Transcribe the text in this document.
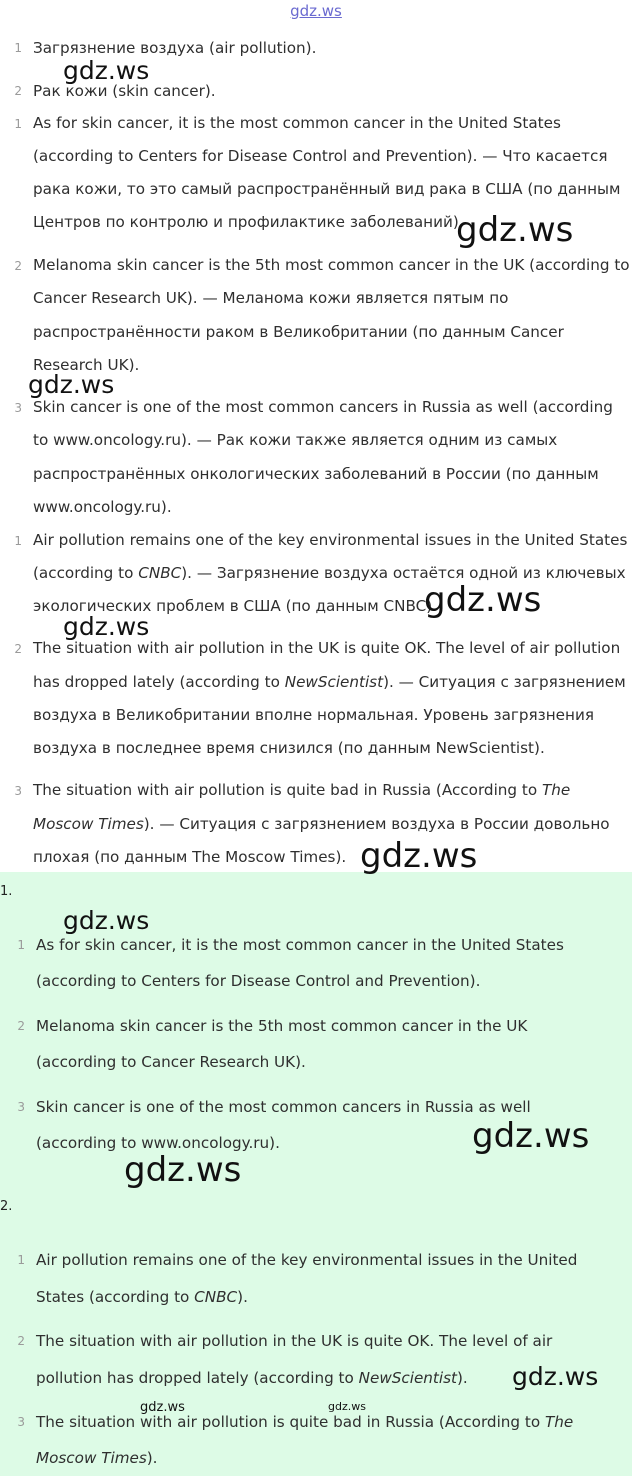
gdz.ws
1 Загрязнение воздуха (air pollution).
2 Рак кожи (skin cancer).
1 As for skin cancer, it is the most common cancer in the United States
(according to Centers for Disease Control and Prevention). — Что касается
рака кожи, то это самый распространённый вид рака в США (по данным
Центров по контролю и профилактике заболеваний).
2 Melanoma skin cancer is the 5th most common cancer in the UK (according to
Cancer Research UK). — Меланома кожи является пятым по
распространённости раком в Великобритании (по данным Cancer
Research UK).
3 Skin cancer is one of the most common cancers in Russia as well (according
to www.oncology.ru). — Рак кожи также является одним из самых
распространённых онкологических заболеваний в России (по данным
www.oncology.ru).
1 Air pollution remains one of the key environmental issues in the United States
(according to CNBC). — Загрязнение воздуха остаётся одной из ключевых
экологических проблем в США (по данным CNBC).
2 The situation with air pollution in the UK is quite OK. The level of air pollution
has dropped lately (according to NewScientist). — Ситуация с загрязнением
воздуха в Великобритании вполне нормальная. Уровень загрязнения
воздуха в последнее время снизился (по данным NewScientist).
3 The situation with air pollution is quite bad in Russia (According to The
Moscow Times). — Ситуация с загрязнением воздуха в России довольно
плохая (по данным The Moscow Times).
1.
1 As for skin cancer, it is the most common cancer in the United States
(according to Centers for Disease Control and Prevention).
2 Melanoma skin cancer is the 5th most common cancer in the UK
(according to Cancer Research UK).
3 Skin cancer is one of the most common cancers in Russia as well
(according to www.oncology.ru).
2.
1 Air pollution remains one of the key environmental issues in the United
States (according to CNBC).
2 The situation with air pollution in the UK is quite OK. The level of air
pollution has dropped lately (according to NewScientist).
3 The situation with air pollution is quite bad in Russia (According to The
Moscow Times).
gdz.ws
gdz.ws
gdz.ws
gdz.ws
gdz.ws
gdz.ws
gdz.ws
gdz.ws
gdz.ws
gdz.ws
gdz.ws	gdz.ws
